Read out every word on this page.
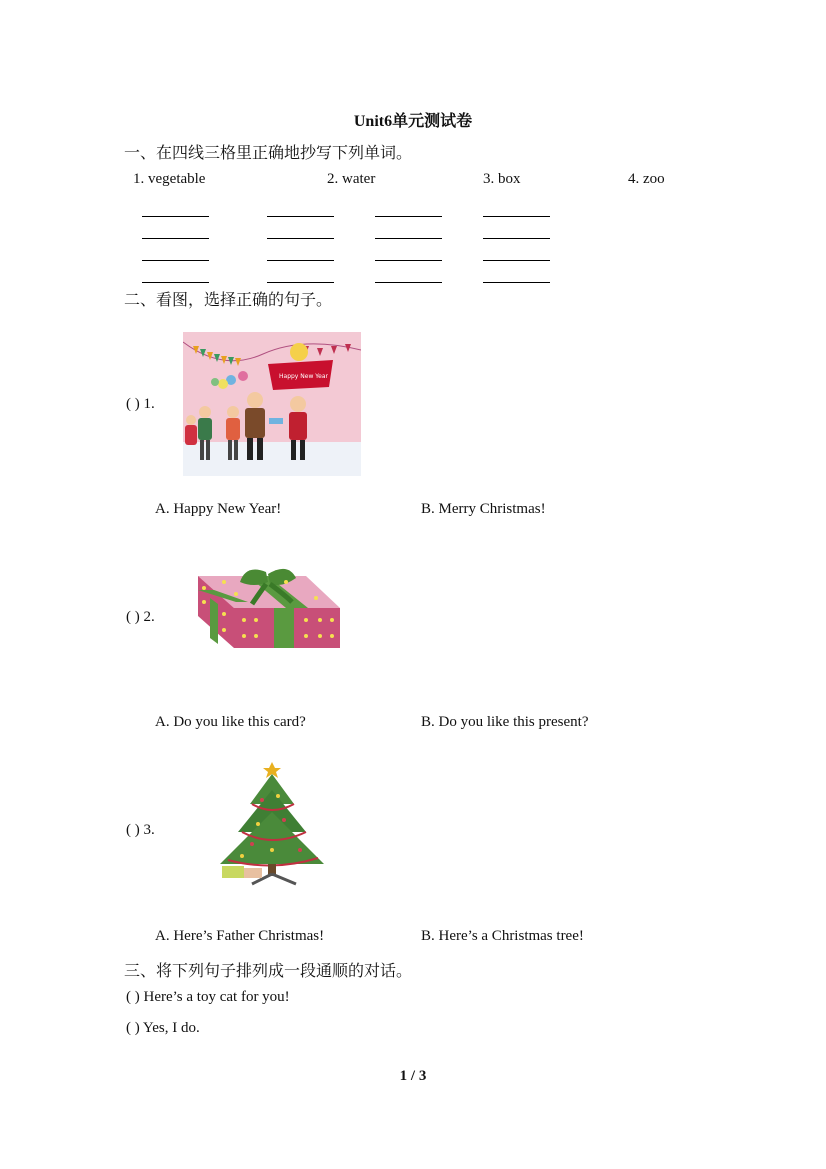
Unit6单元测试卷
一、在四线三格里正确地抄写下列单词。
1. vegetable	2. water	3. box	4. zoo
二、看图，选择正确的句子。
( ) 1.
Happy New Year
A. Happy New Year!	B. Merry Christmas!
( ) 2.
A. Do you like this card?	B. Do you like this present?
( ) 3.
A. Here’s Father Christmas!	B. Here’s a Christmas tree!
三、将下列句子排列成一段通顺的对话。
( ) Here’s a toy cat for you!
( ) Yes, I do.
1 / 3
